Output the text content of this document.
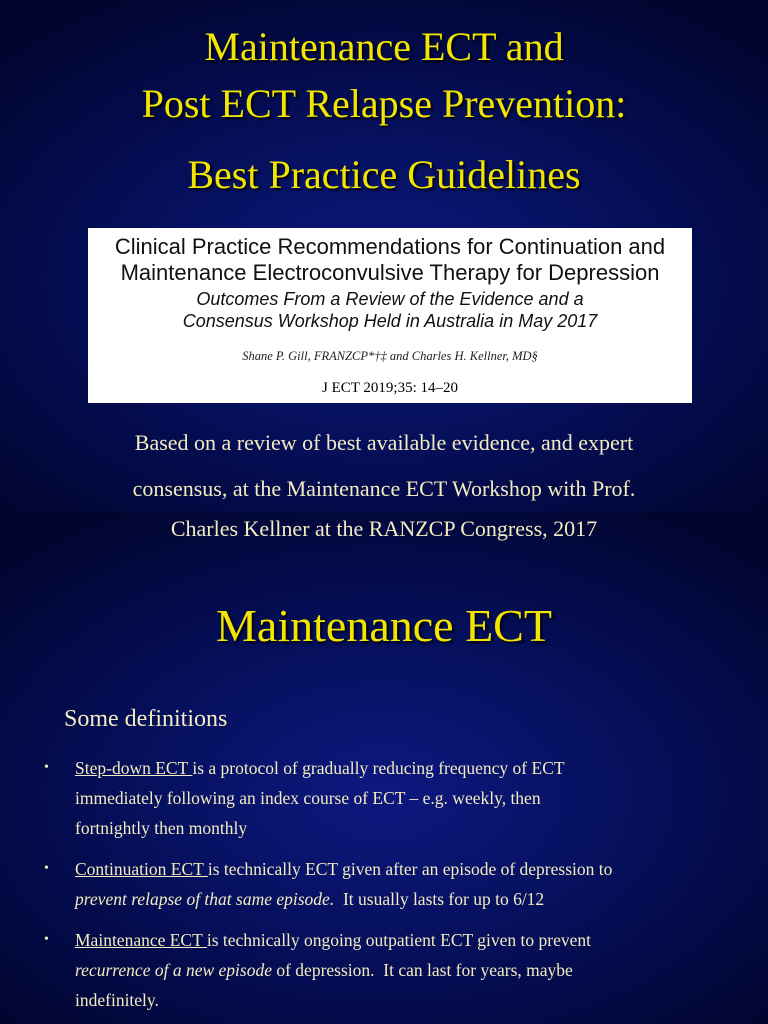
Maintenance ECT and
Post ECT Relapse Prevention:
Best Practice Guidelines
Clinical Practice Recommendations for Continuation and
Maintenance Electroconvulsive Therapy for Depression
Outcomes From a Review of the Evidence and a
Consensus Workshop Held in Australia in May 2017
Shane P. Gill, FRANZCP*†‡ and Charles H. Kellner, MD§
J ECT 2019;35: 14–20
Based on a review of best available evidence, and expert
consensus, at the Maintenance ECT Workshop with Prof.
Maintenance ECT
Some definitions
• Step-down ECT is a protocol of gradually reducing frequency of ECT
immediately following an index course of ECT – e.g. weekly, then
fortnightly then monthly
• Continuation ECT is technically ECT given after an episode of depression to
prevent relapse of that same episode.  It usually lasts for up to 6/12
• Maintenance ECT is technically ongoing outpatient ECT given to prevent
recurrence of a new episode of depression.  It can last for years, maybe
indefinitely.
Charles Kellner at the RANZCP Congress, 2017
